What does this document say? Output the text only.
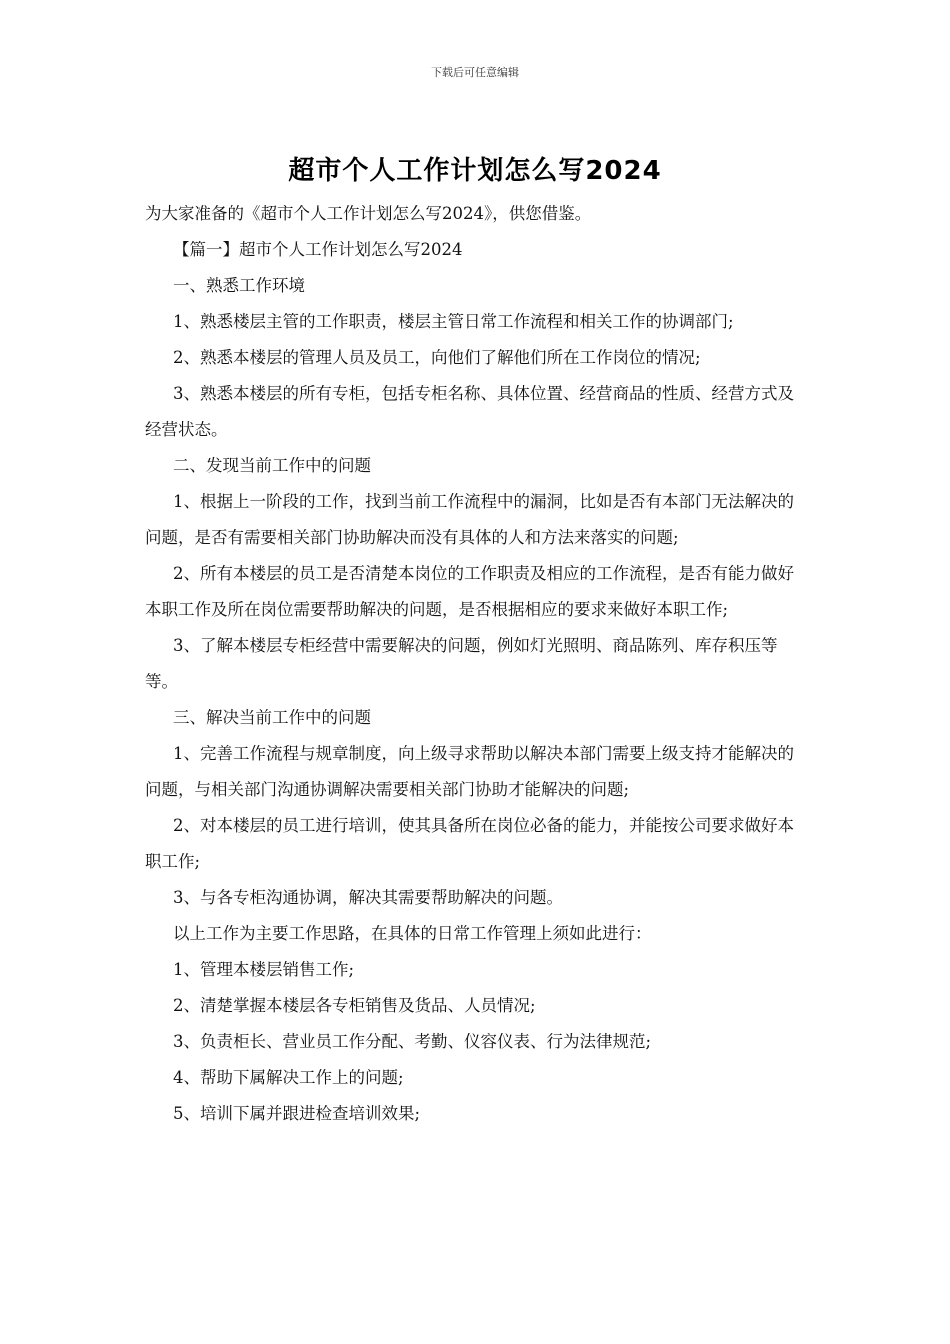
下载后可任意编辑
超市个人工作计划怎么写2024

为大家准备的《超市个人工作计划怎么写2024》，供您借鉴。

【篇一】超市个人工作计划怎么写2024

一、熟悉工作环境

1、熟悉楼层主管的工作职责，楼层主管日常工作流程和相关工作的协调部门;

2、熟悉本楼层的管理人员及员工，向他们了解他们所在工作岗位的情况;

3、熟悉本楼层的所有专柜，包括专柜名称、具体位置、经营商品的性质、经营方式及经营状态。

二、发现当前工作中的问题

1、根据上一阶段的工作，找到当前工作流程中的漏洞，比如是否有本部门无法解决的问题，是否有需要相关部门协助解决而没有具体的人和方法来落实的问题;

2、所有本楼层的员工是否清楚本岗位的工作职责及相应的工作流程，是否有能力做好本职工作及所在岗位需要帮助解决的问题，是否根据相应的要求来做好本职工作;

3、了解本楼层专柜经营中需要解决的问题，例如灯光照明、商品陈列、库存积压等等。

三、解决当前工作中的问题

1、完善工作流程与规章制度，向上级寻求帮助以解决本部门需要上级支持才能解决的问题，与相关部门沟通协调解决需要相关部门协助才能解决的问题;

2、对本楼层的员工进行培训，使其具备所在岗位必备的能力，并能按公司要求做好本职工作;

3、与各专柜沟通协调，解决其需要帮助解决的问题。

以上工作为主要工作思路，在具体的日常工作管理上须如此进行：

1、管理本楼层销售工作;

2、清楚掌握本楼层各专柜销售及货品、人员情况;

3、负责柜长、营业员工作分配、考勤、仪容仪表、行为法律规范;

4、帮助下属解决工作上的问题;

5、培训下属并跟进检查培训效果;
